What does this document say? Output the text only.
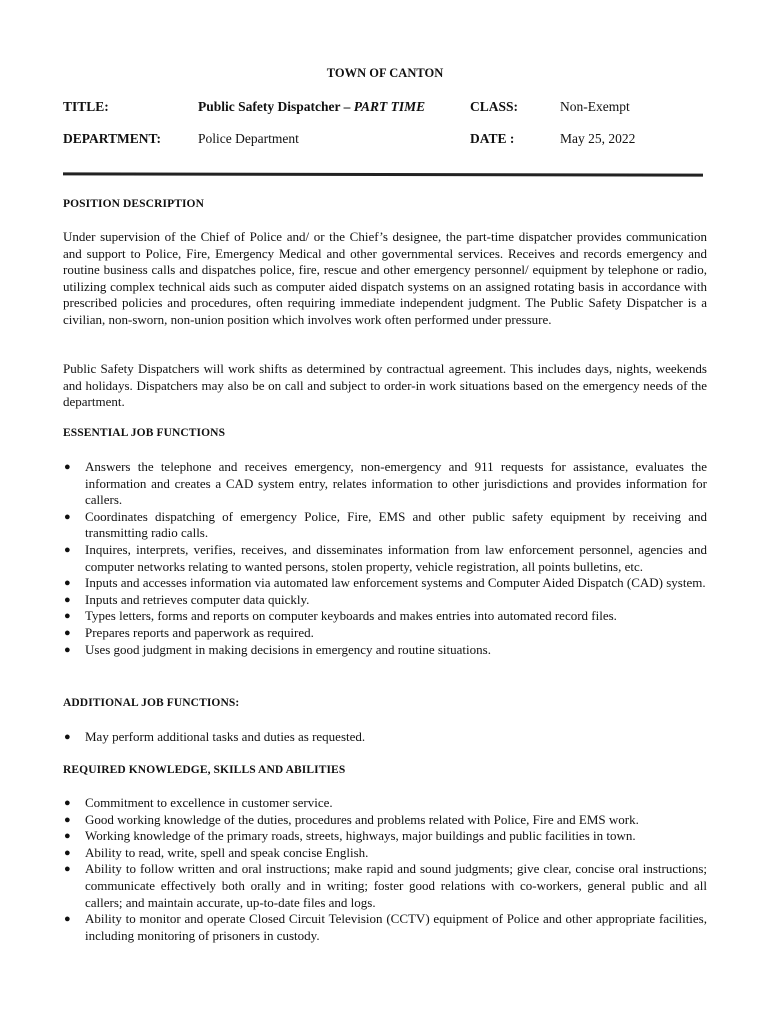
TOWN OF CANTON
TITLE:	Public Safety Dispatcher – PART TIME	CLASS:	Non-Exempt
DEPARTMENT:	Police Department	DATE :	May 25, 2022
POSITION DESCRIPTION

Under supervision of the Chief of Police and/ or the Chief’s designee, the part-time dispatcher provides communication and support to Police, Fire, Emergency Medical and other governmental services. Receives and records emergency and routine business calls and dispatches police, fire, rescue and other emergency personnel/ equipment by telephone or radio, utilizing complex technical aids such as computer aided dispatch systems on an assigned rotating basis in accordance with prescribed policies and procedures, often requiring immediate independent judgment. The Public Safety Dispatcher is a civilian, non-sworn, non-union position which involves work often performed under pressure.

Public Safety Dispatchers will work shifts as determined by contractual agreement. This includes days, nights, weekends and holidays. Dispatchers may also be on call and subject to order-in work situations based on the emergency needs of the department.

ESSENTIAL JOB FUNCTIONS
● Answers the telephone and receives emergency, non-emergency and 911 requests for assistance, evaluates the information and creates a CAD system entry, relates information to other jurisdictions and provides information for callers.
● Coordinates dispatching of emergency Police, Fire, EMS and other public safety equipment by receiving and transmitting radio calls.
● Inquires, interprets, verifies, receives, and disseminates information from law enforcement personnel, agencies and computer networks relating to wanted persons, stolen property, vehicle registration, all points bulletins, etc.
● Inputs and accesses information via automated law enforcement systems and Computer Aided Dispatch (CAD) system.
● Inputs and retrieves computer data quickly.
● Types letters, forms and reports on computer keyboards and makes entries into automated record files.
● Prepares reports and paperwork as required.
● Uses good judgment in making decisions in emergency and routine situations.
ADDITIONAL JOB FUNCTIONS:
● May perform additional tasks and duties as requested.
REQUIRED KNOWLEDGE, SKILLS AND ABILITIES
● Commitment to excellence in customer service.
● Good working knowledge of the duties, procedures and problems related with Police, Fire and EMS work.
● Working knowledge of the primary roads, streets, highways, major buildings and public facilities in town.
● Ability to read, write, spell and speak concise English.
● Ability to follow written and oral instructions; make rapid and sound judgments; give clear, concise oral instructions; communicate effectively both orally and in writing; foster good relations with co-workers, general public and all callers; and maintain accurate, up-to-date files and logs.
● Ability to monitor and operate Closed Circuit Television (CCTV) equipment of Police and other appropriate facilities, including monitoring of prisoners in custody.
